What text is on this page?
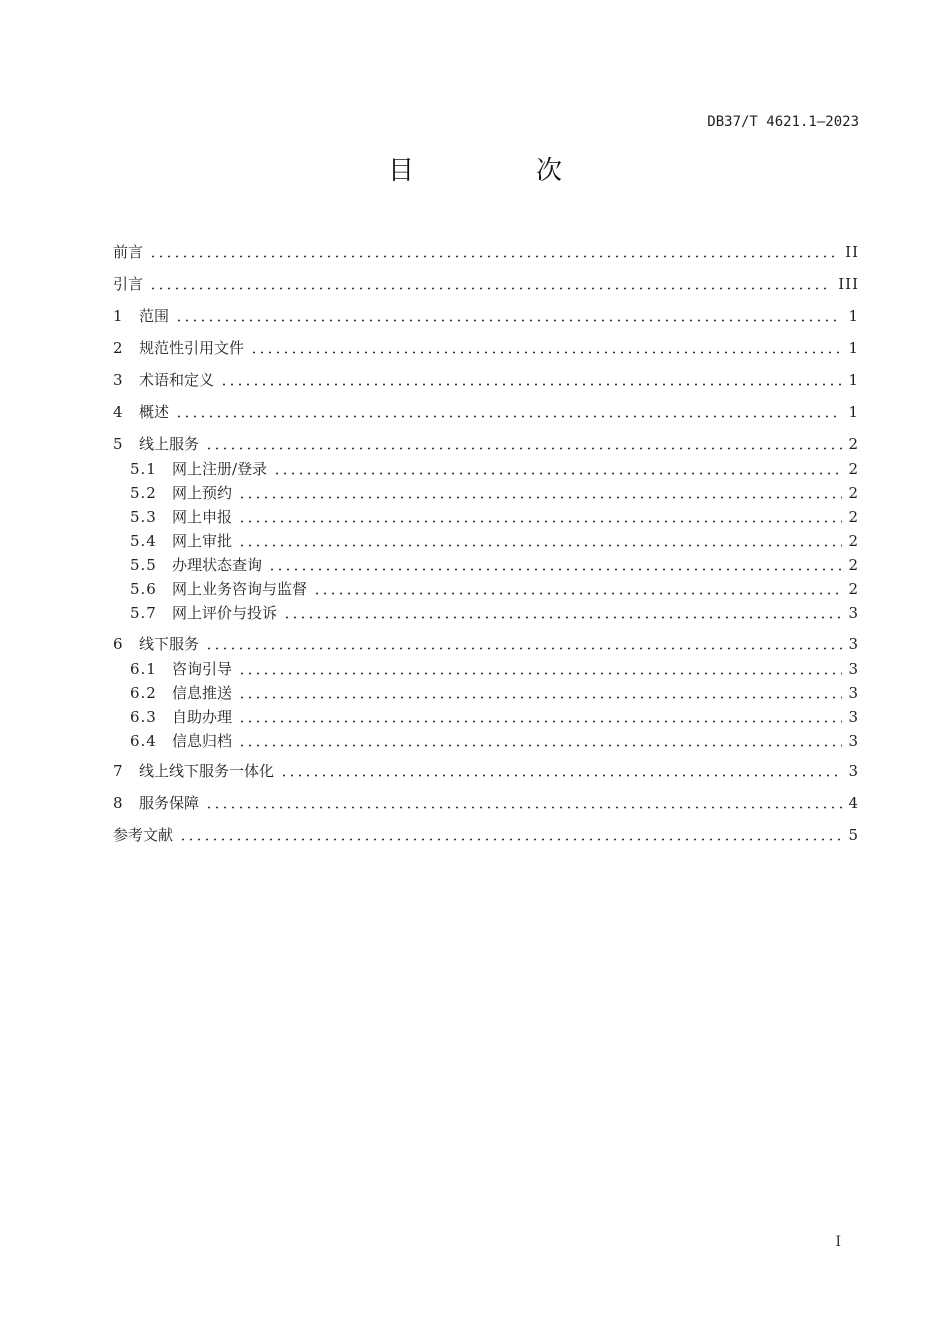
DB37/T 4621.1—2023
目　次
前言	II
引言	III
1	范围	1
2	规范性引用文件	1
3	术语和定义	1
4	概述	1
5	线上服务	2
5.1	网上注册/登录	2
5.2	网上预约	2
5.3	网上申报	2
5.4	网上审批	2
5.5	办理状态查询	2
5.6	网上业务咨询与监督	2
5.7	网上评价与投诉	3
6	线下服务	3
6.1	咨询引导	3
6.2	信息推送	3
6.3	自助办理	3
6.4	信息归档	3
7	线上线下服务一体化	3
8	服务保障	4
参考文献	5
I
